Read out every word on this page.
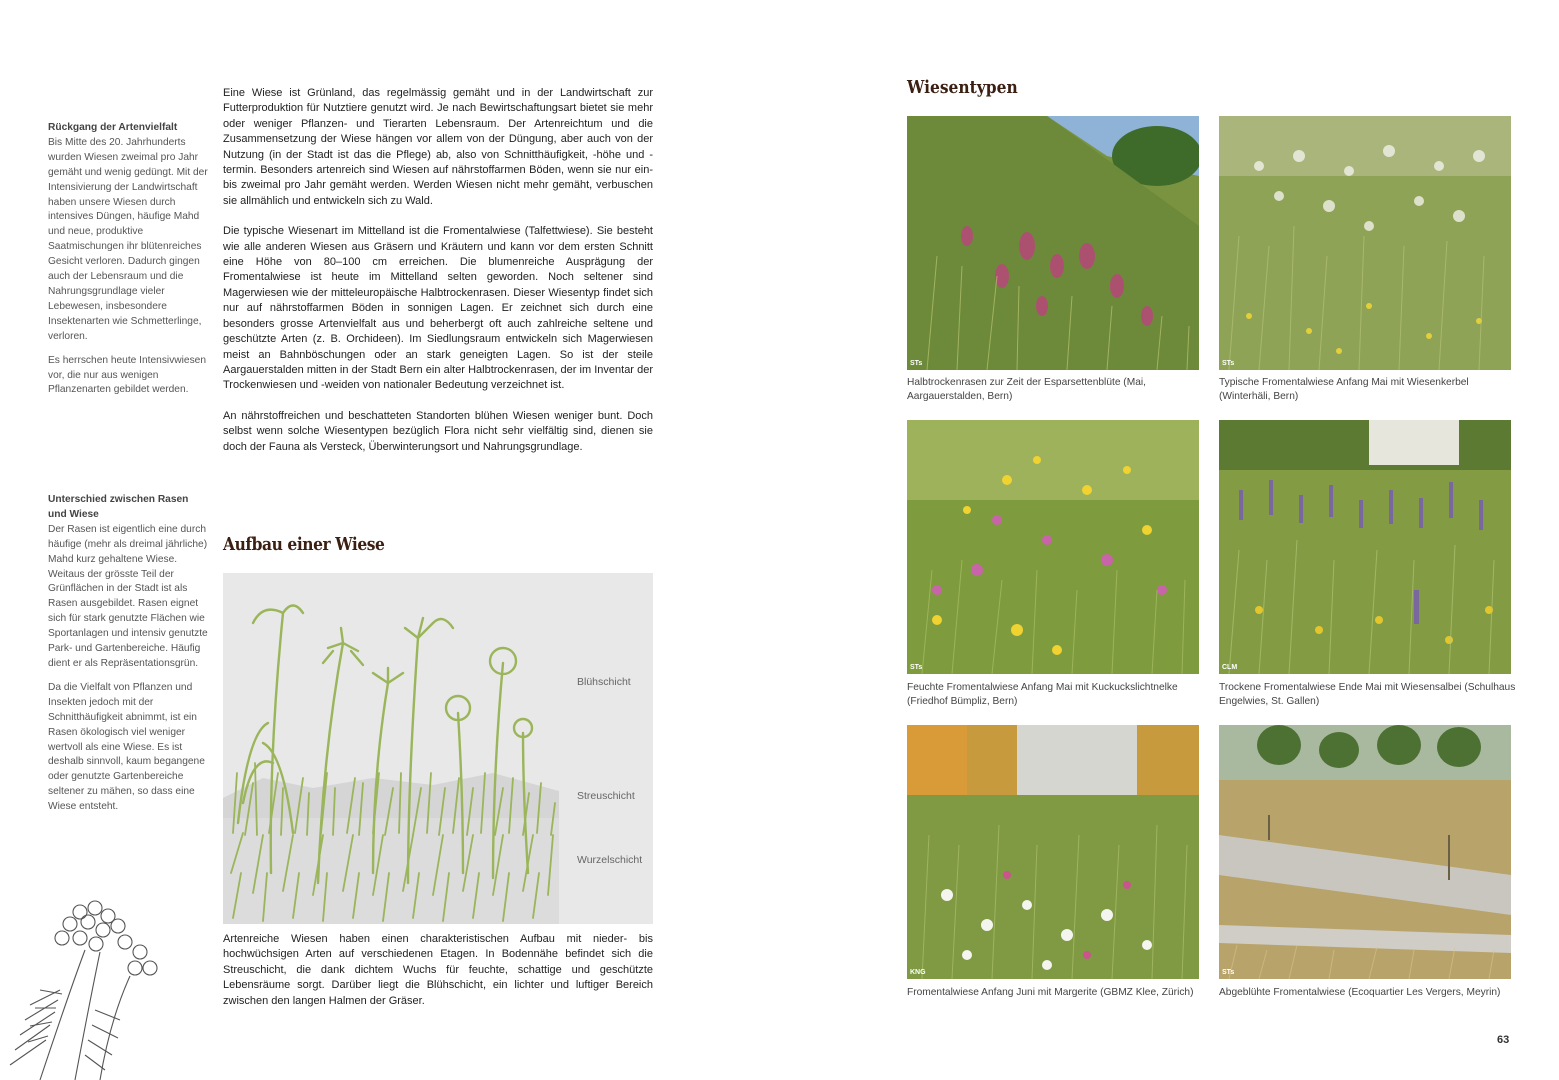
Rückgang der Artenvielfalt

Bis Mitte des 20. Jahrhunderts wurden Wiesen zweimal pro Jahr gemäht und wenig gedüngt. Mit der Intensivierung der Landwirtschaft haben unsere Wiesen durch intensives Düngen, häufige Mahd und neue, produktive Saatmischungen ihr blütenreiches Gesicht verloren. Dadurch gingen auch der Lebensraum und die Nahrungsgrundlage vieler Lebewesen, insbesondere Insektenarten wie Schmetterlinge, verloren.

Es herrschen heute Intensivwiesen vor, die nur aus wenigen Pflanzenarten gebildet werden.

Unterschied zwischen Rasen und Wiese

Der Rasen ist eigentlich eine durch häufige (mehr als dreimal jährliche) Mahd kurz gehaltene Wiese. Weitaus der grösste Teil der Grünflächen in der Stadt ist als Rasen ausgebildet. Rasen eignet sich für stark genutzte Flächen wie Sportanlagen und intensiv genutzte Park- und Gartenbereiche. Häufig dient er als Repräsentationsgrün.

Da die Vielfalt von Pflanzen und Insekten jedoch mit der Schnitthäufigkeit abnimmt, ist ein Rasen ökologisch viel weniger wertvoll als eine Wiese. Es ist deshalb sinnvoll, kaum begangene oder genutzte Gartenbereiche seltener zu mähen, so dass eine Wiese entsteht.

Eine Wiese ist Grünland, das regelmässig gemäht und in der Landwirtschaft zur Futterproduktion für Nutztiere genutzt wird. Je nach Bewirtschaftungsart bietet sie mehr oder weniger Pflanzen- und Tierarten Lebensraum. Der Artenreichtum und die Zusammensetzung der Wiese hängen vor allem von der Düngung, aber auch von der Nutzung (in der Stadt ist das die Pflege) ab, also von Schnitthäufigkeit, -höhe und -termin. Besonders artenreich sind Wiesen auf nährstoffarmen Böden, wenn sie nur ein- bis zweimal pro Jahr gemäht werden. Werden Wiesen nicht mehr gemäht, verbuschen sie allmählich und entwickeln sich zu Wald.

Die typische Wiesenart im Mittelland ist die Fromentalwiese (Talfettwiese). Sie besteht wie alle anderen Wiesen aus Gräsern und Kräutern und kann vor dem ersten Schnitt eine Höhe von 80–100 cm erreichen. Die blumenreiche Ausprägung der Fromentalwiese ist heute im Mittelland selten geworden. Noch seltener sind Magerwiesen wie der mitteleuropäische Halbtrockenrasen. Dieser Wiesentyp findet sich nur auf nährstoffarmen Böden in sonnigen Lagen. Er zeichnet sich durch eine besonders grosse Artenvielfalt aus und beherbergt oft auch zahlreiche seltene und geschützte Arten (z. B. Orchideen). Im Siedlungsraum entwickeln sich Magerwiesen meist an Bahnböschungen oder an stark geneigten Lagen. So ist der steile Aargauerstalden mitten in der Stadt Bern ein alter Halbtrockenrasen, der im Inventar der Trockenwiesen und -weiden von nationaler Bedeutung verzeichnet ist.

An nährstoffreichen und beschatteten Standorten blühen Wiesen weniger bunt. Doch selbst wenn solche Wiesentypen bezüglich Flora nicht sehr vielfältig sind, dienen sie doch der Fauna als Versteck, Überwinterungsort und Nahrungsgrundlage.

Aufbau einer Wiese
Blühschicht
Streuschicht
Wurzelschicht

Artenreiche Wiesen haben einen charakteristischen Aufbau mit nieder- bis hochwüchsigen Arten auf verschiedenen Etagen. In Bodennähe befindet sich die Streuschicht, die dank dichtem Wuchs für feuchte, schattige und geschützte Lebensräume sorgt. Darüber liegt die Blühschicht, ein lichter und luftiger Bereich zwischen den langen Halmen der Gräser.

Wiesentypen
STs
Halbtrockenrasen zur Zeit der Esparsettenblüte (Mai, Aargauerstalden, Bern)
STs
Typische Fromentalwiese Anfang Mai mit Wiesenkerbel (Winterhäli, Bern)
STs
Feuchte Fromentalwiese Anfang Mai mit Kuckuckslichtnelke (Friedhof Bümpliz, Bern)
CLM
Trockene Fromentalwiese Ende Mai mit Wiesensalbei (Schulhaus Engelwies, St. Gallen)
KNG
Fromentalwiese Anfang Juni mit Margerite (GBMZ Klee, Zürich)
STs
Abgeblühte Fromentalwiese (Ecoquartier Les Vergers, Meyrin)
63
